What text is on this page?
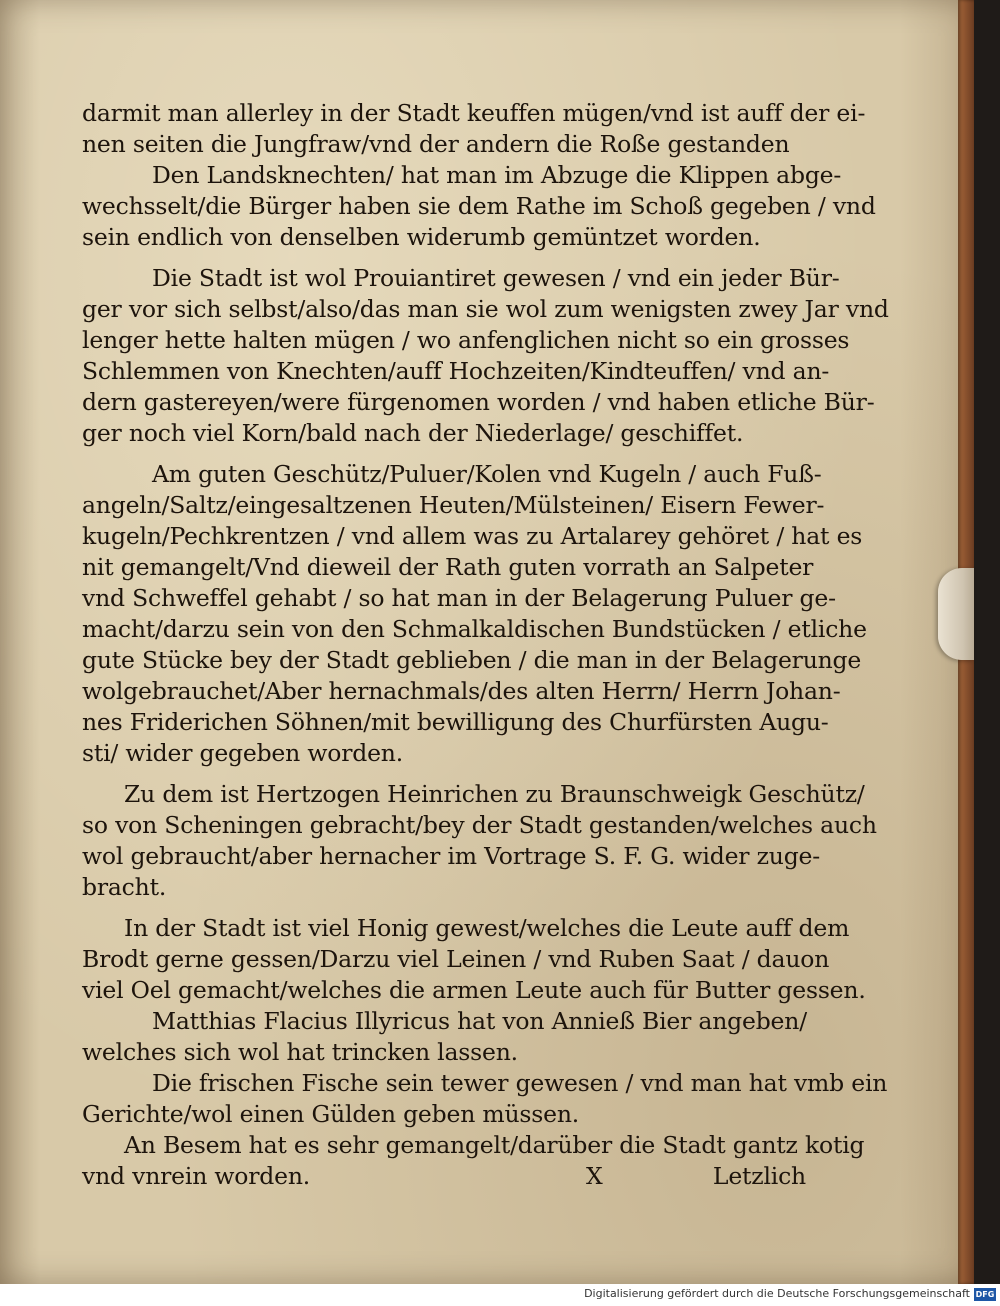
darmit man allerley in der Stadt keuffen mügen/vnd ist auff der ei-
nen seiten die Jungfraw/vnd der andern die Roße gestanden
Den Landsknechten/ hat man im Abzuge die Klippen abge-
wechsselt/die Bürger haben sie dem Rathe im Schoß gegeben / vnd
sein endlich von denselben widerumb gemüntzet worden.
Die Stadt ist wol Prouiantiret gewesen / vnd ein jeder Bür-
ger vor sich selbst/also/das man sie wol zum wenigsten zwey Jar vnd
lenger hette halten mügen / wo anfenglichen nicht so ein grosses
Schlemmen von Knechten/auff Hochzeiten/Kindteuffen/ vnd an-
dern gastereyen/were fürgenomen worden / vnd haben etliche Bür-
ger noch viel Korn/bald nach der Niederlage/ geschiffet.
Am guten Geschütz/Puluer/Kolen vnd Kugeln / auch Fuß-
angeln/Saltz/eingesaltzenen Heuten/Mülsteinen/ Eisern Fewer-
kugeln/Pechkrentzen / vnd allem was zu Artalarey gehöret / hat es
nit gemangelt/Vnd dieweil der Rath guten vorrath an Salpeter
vnd Schweffel gehabt / so hat man in der Belagerung Puluer ge-
macht/darzu sein von den Schmalkaldischen Bundstücken / etliche
gute Stücke bey der Stadt geblieben / die man in der Belagerunge
wolgebrauchet/Aber hernachmals/des alten Herrn/ Herrn Johan-
nes Friderichen Söhnen/mit bewilligung des Churfürsten Augu-
sti/ wider gegeben worden.
Zu dem ist Hertzogen Heinrichen zu Braunschweigk Geschütz/
so von Scheningen gebracht/bey der Stadt gestanden/welches auch
wol gebraucht/aber hernacher im Vortrage S. F. G. wider zuge-
bracht.
In der Stadt ist viel Honig gewest/welches die Leute auff dem
Brodt gerne gessen/Darzu viel Leinen / vnd Ruben Saat / dauon
viel Oel gemacht/welches die armen Leute auch für Butter gessen.
Matthias Flacius Illyricus hat von Annieß Bier angeben/
welches sich wol hat trincken lassen.
Die frischen Fische sein tewer gewesen / vnd man hat vmb ein
Gerichte/wol einen Gülden geben müssen.
An Besem hat es sehr gemangelt/darüber die Stadt gantz kotig
vnd vnrein worden.	X	Letzlich
Digitalisierung gefördert durch die Deutsche Forschungsgemeinschaft DFG
